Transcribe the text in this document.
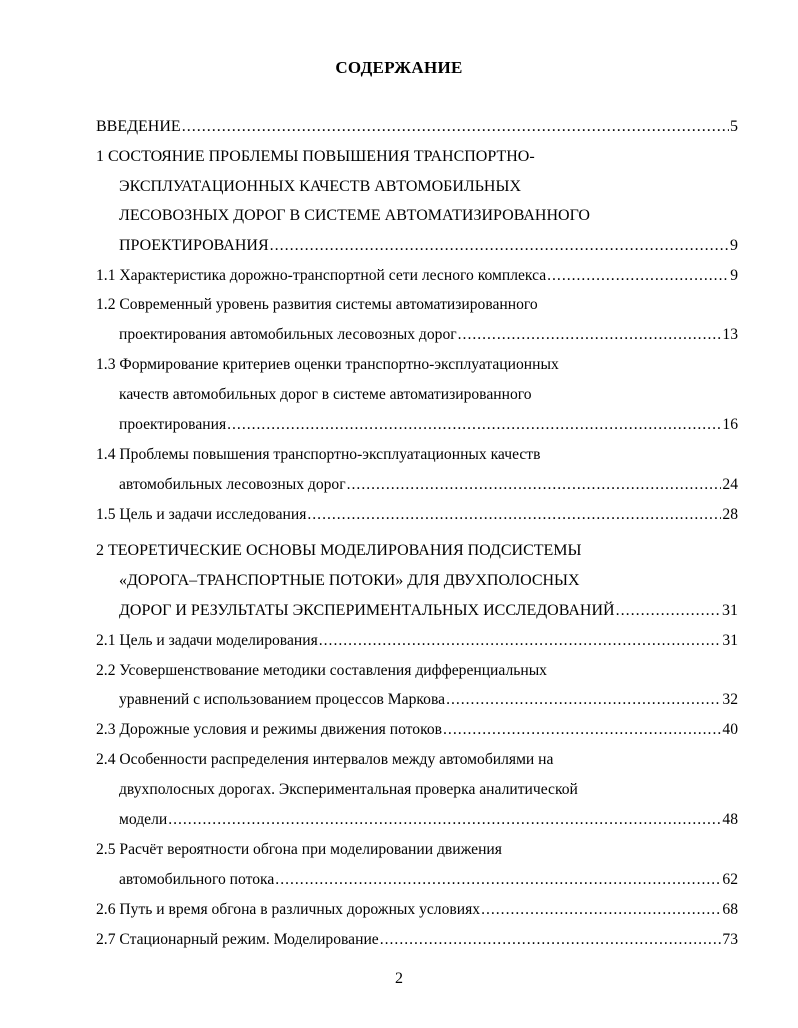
СОДЕРЖАНИЕ
ВВЕДЕНИЕ .....	5
1 СОСТОЯНИЕ ПРОБЛЕМЫ ПОВЫШЕНИЯ ТРАНСПОРТНО-
ЭКСПЛУАТАЦИОННЫХ КАЧЕСТВ АВТОМОБИЛЬНЫХ
ЛЕСОВОЗНЫХ ДОРОГ В СИСТЕМЕ АВТОМАТИЗИРОВАННОГО
ПРОЕКТИРОВАНИЯ .....	9
1.1 Характеристика дорожно-транспортной сети лесного комплекса .....	9
1.2 Современный уровень развития системы автоматизированного
проектирования автомобильных лесовозных дорог .....	13
1.3 Формирование критериев оценки транспортно-эксплуатационных
качеств автомобильных дорог в системе автоматизированного
проектирования .....	16
1.4 Проблемы повышения транспортно-эксплуатационных качеств
автомобильных лесовозных дорог .....	24
1.5 Цель и задачи исследования .....	28
2 ТЕОРЕТИЧЕСКИЕ ОСНОВЫ МОДЕЛИРОВАНИЯ ПОДСИСТЕМЫ
«ДОРОГА–ТРАНСПОРТНЫЕ ПОТОКИ» ДЛЯ ДВУХПОЛОСНЫХ
ДОРОГ И РЕЗУЛЬТАТЫ ЭКСПЕРИМЕНТАЛЬНЫХ ИССЛЕДОВАНИЙ .....	31
2.1 Цель и задачи моделирования .....	31
2.2 Усовершенствование методики составления дифференциальных
уравнений с использованием процессов Маркова .....	32
2.3 Дорожные условия и режимы движения потоков .....	40
2.4 Особенности распределения интервалов между автомобилями на
двухполосных дорогах. Экспериментальная проверка аналитической
модели .....	48
2.5 Расчёт вероятности обгона при моделировании движения
автомобильного потока .....	62
2.6 Путь и время обгона в различных дорожных условиях .....	68
2.7 Стационарный режим. Моделирование .....	73
2
